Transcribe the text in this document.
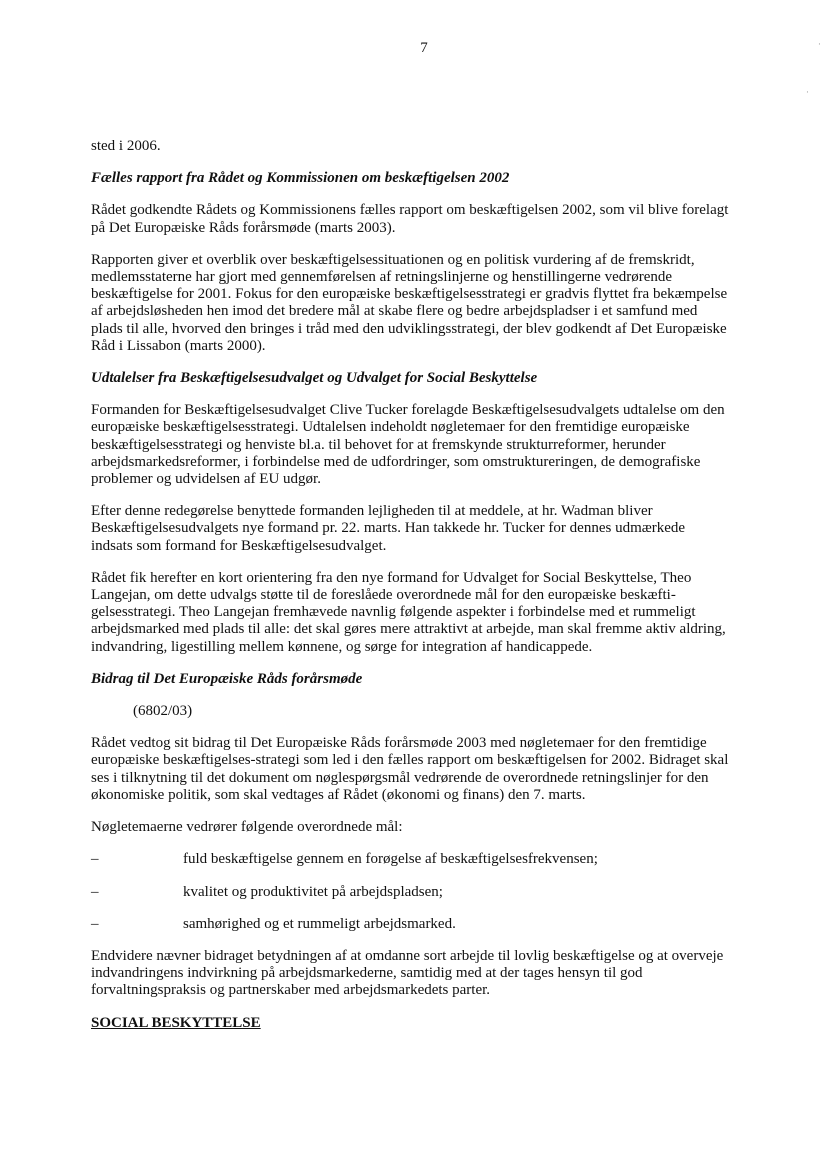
7	·
·

sted i 2006.

Fælles rapport fra Rådet og Kommissionen om beskæftigelsen 2002

Rådet godkendte Rådets og Kommissionens fælles rapport om beskæftigelsen 2002, som vil blive forelagt
på Det Europæiske Råds forårsmøde (marts 2003).

Rapporten giver et overblik over beskæftigelsessituationen og en politisk vurdering af de fremskridt,
medlemsstaterne har gjort med gennemførelsen af retningslinjerne og henstillingerne vedrørende
beskæftigelse for 2001. Fokus for den europæiske beskæftigelsesstrategi er gradvis flyttet fra bekæmpelse
af arbejdsløsheden hen imod det bredere mål at skabe flere og bedre arbejdspladser i et samfund med
plads til alle, hvorved den bringes i tråd med den udviklingsstrategi, der blev godkendt af Det Europæiske
Råd i Lissabon (marts 2000).

Udtalelser fra Beskæftigelsesudvalget og Udvalget for Social Beskyttelse

Formanden for Beskæftigelsesudvalget Clive Tucker forelagde Beskæftigelsesudvalgets udtalelse om den
europæiske beskæftigelsesstrategi. Udtalelsen indeholdt nøgletemaer for den fremtidige europæiske
beskæftigelsesstrategi og henviste bl.a. til behovet for at fremskynde strukturreformer, herunder
arbejdsmarkedsreformer, i forbindelse med de udfordringer, som omstruktureringen, de demografiske
problemer og udvidelsen af EU udgør.

Efter denne redegørelse benyttede formanden lejligheden til at meddele, at hr. Wadman bliver
Beskæftigelsesudvalgets nye formand pr. 22. marts. Han takkede hr. Tucker for dennes udmærkede
indsats som formand for Beskæftigelsesudvalget.

Rådet fik herefter en kort orientering fra den nye formand for Udvalget for Social Beskyttelse, Theo
Langejan, om dette udvalgs støtte til de foreslåede overordnede mål for den europæiske beskæfti-
gelsesstrategi. Theo Langejan fremhævede navnlig følgende aspekter i forbindelse med et rummeligt
arbejdsmarked med plads til alle: det skal gøres mere attraktivt at arbejde, man skal fremme aktiv aldring,
indvandring, ligestilling mellem kønnene, og sørge for integration af handicappede.

Bidrag til Det Europæiske Råds forårsmøde

(6802/03)

Rådet vedtog sit bidrag til Det Europæiske Råds forårsmøde 2003 med nøgletemaer for den fremtidige
europæiske beskæftigelses-strategi som led i den fælles rapport om beskæftigelsen for 2002. Bidraget skal
ses i tilknytning til det dokument om nøglespørgsmål vedrørende de overordnede retningslinjer for den
økonomiske politik, som skal vedtages af Rådet (økonomi og finans) den 7. marts.

Nøgletemaerne vedrører følgende overordnede mål:

–	fuld beskæftigelse gennem en forøgelse af beskæftigelsesfrekvensen;
–	kvalitet og produktivitet på arbejdspladsen;
–	samhørighed og et rummeligt arbejdsmarked.

Endvidere nævner bidraget betydningen af at omdanne sort arbejde til lovlig beskæftigelse og at overveje
indvandringens indvirkning på arbejdsmarkederne, samtidig med at der tages hensyn til god
forvaltningspraksis og partnerskaber med arbejdsmarkedets parter.

SOCIAL BESKYTTELSE
